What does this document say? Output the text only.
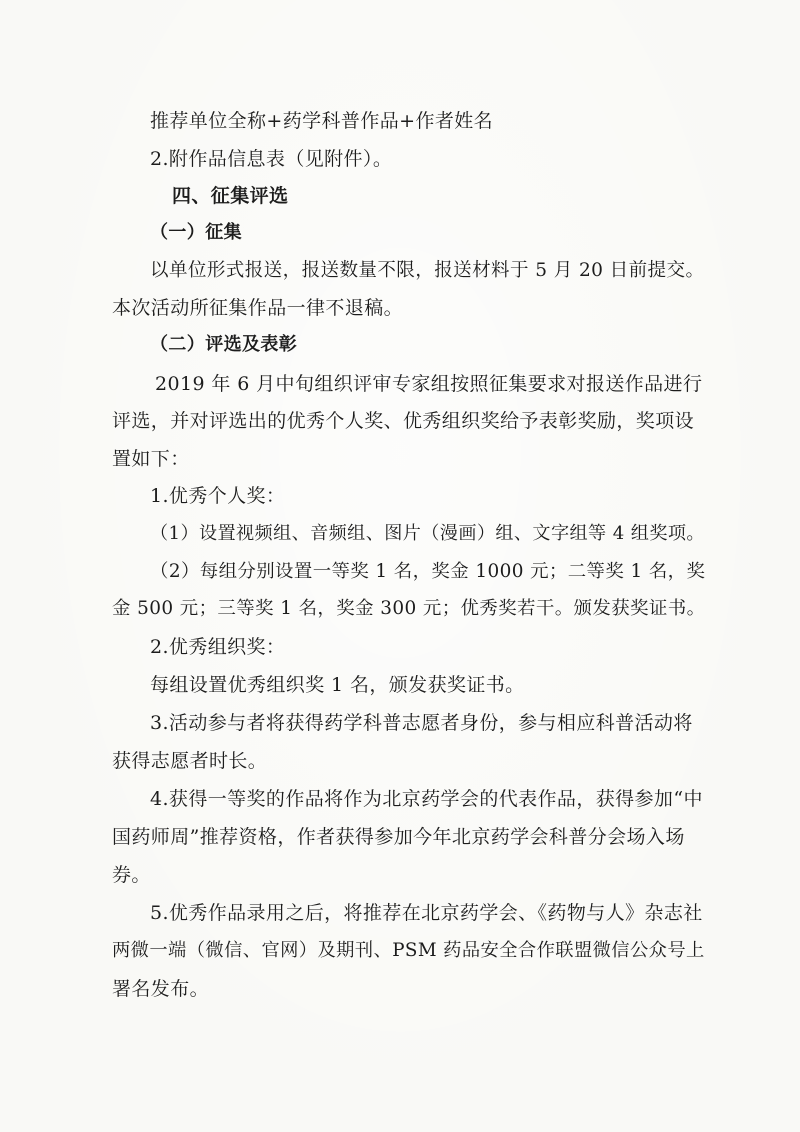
推荐单位全称+药学科普作品+作者姓名
2.附作品信息表（见附件）。
四、征集评选
（一）征集
以单位形式报送，报送数量不限，报送材料于 5 月 20 日前提交。
本次活动所征集作品一律不退稿。
（二）评选及表彰
2019 年 6 月中旬组织评审专家组按照征集要求对报送作品进行
评选，并对评选出的优秀个人奖、优秀组织奖给予表彰奖励，奖项设
置如下：
1.优秀个人奖：
（1）设置视频组、音频组、图片（漫画）组、文字组等 4 组奖项。
（2）每组分别设置一等奖 1 名，奖金 1000 元；二等奖 1 名，奖
金 500 元；三等奖 1 名，奖金 300 元；优秀奖若干。颁发获奖证书。
2.优秀组织奖：
每组设置优秀组织奖 1 名，颁发获奖证书。
3.活动参与者将获得药学科普志愿者身份，参与相应科普活动将
获得志愿者时长。
4.获得一等奖的作品将作为北京药学会的代表作品，获得参加“中
国药师周”推荐资格，作者获得参加今年北京药学会科普分会场入场
券。
5.优秀作品录用之后，将推荐在北京药学会、《药物与人》杂志社
两微一端（微信、官网）及期刊、PSM 药品安全合作联盟微信公众号上
署名发布。
